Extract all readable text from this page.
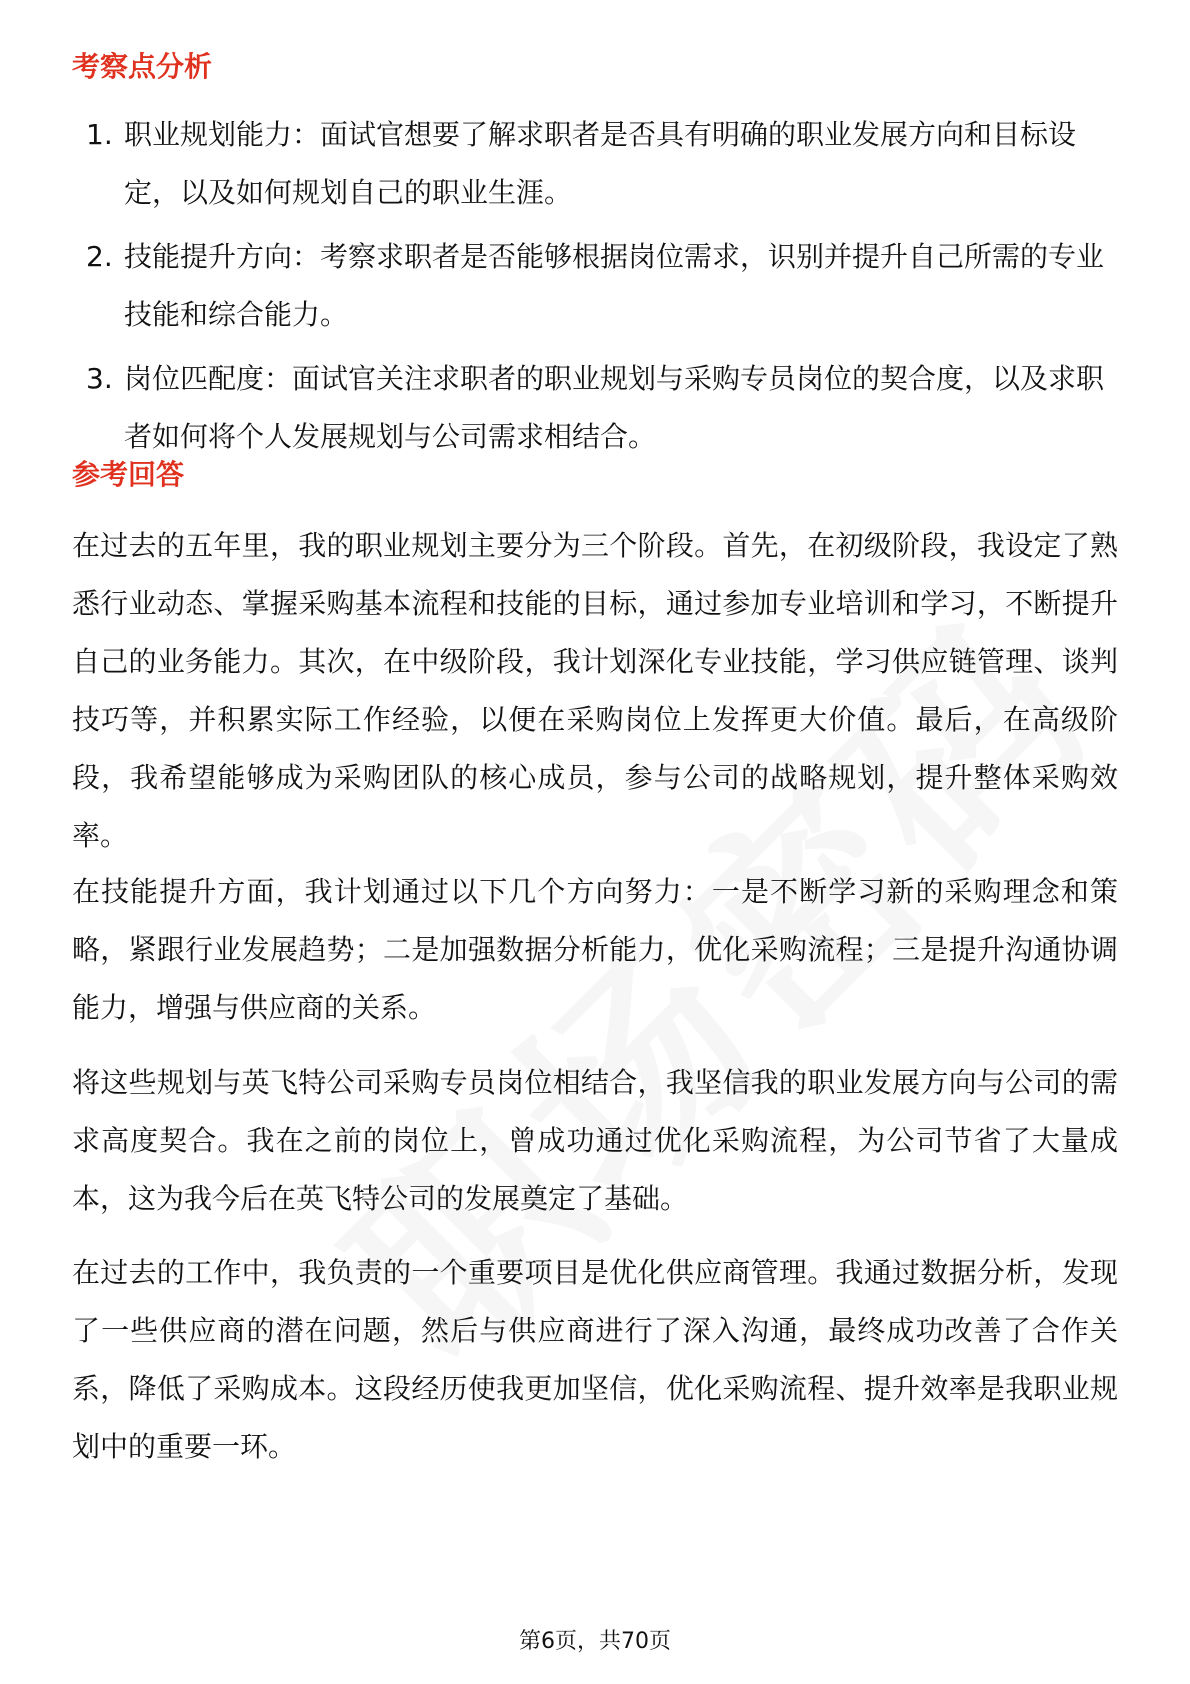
考察点分析
1. 职业规划能力：面试官想要了解求职者是否具有明确的职业发展方向和目标设定，以及如何规划自己的职业生涯。
2. 技能提升方向：考察求职者是否能够根据岗位需求，识别并提升自己所需的专业技能和综合能力。
3. 岗位匹配度：面试官关注求职者的职业规划与采购专员岗位的契合度，以及求职者如何将个人发展规划与公司需求相结合。
参考回答

在过去的五年里，我的职业规划主要分为三个阶段。首先，在初级阶段，我设定了熟悉行业动态、掌握采购基本流程和技能的目标，通过参加专业培训和学习，不断提升自己的业务能力。其次，在中级阶段，我计划深化专业技能，学习供应链管理、谈判技巧等，并积累实际工作经验，以便在采购岗位上发挥更大价值。最后，在高级阶段，我希望能够成为采购团队的核心成员，参与公司的战略规划，提升整体采购效率。

在技能提升方面，我计划通过以下几个方向努力：一是不断学习新的采购理念和策略，紧跟行业发展趋势；二是加强数据分析能力，优化采购流程；三是提升沟通协调能力，增强与供应商的关系。

将这些规划与英飞特公司采购专员岗位相结合，我坚信我的职业发展方向与公司的需求高度契合。我在之前的岗位上，曾成功通过优化采购流程，为公司节省了大量成本，这为我今后在英飞特公司的发展奠定了基础。

在过去的工作中，我负责的一个重要项目是优化供应商管理。我通过数据分析，发现了一些供应商的潜在问题，然后与供应商进行了深入沟通，最终成功改善了合作关系，降低了采购成本。这段经历使我更加坚信，优化采购流程、提升效率是我职业规划中的重要一环。

第6页，共70页
